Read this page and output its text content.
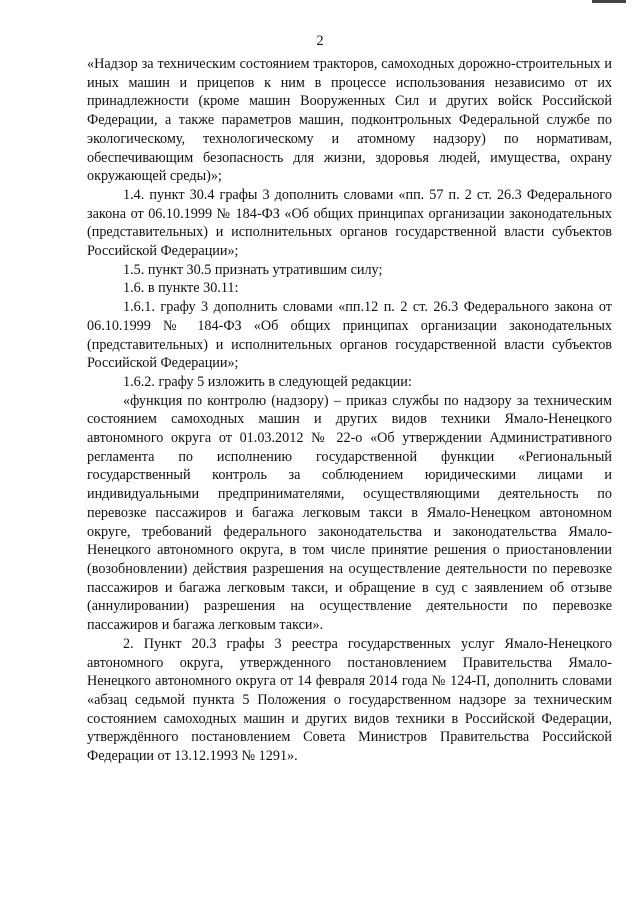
2

«Надзор за техническим состоянием тракторов, самоходных дорожно-строительных и иных машин и прицепов к ним в процессе использования независимо от их принадлежности (кроме машин Вооруженных Сил и других войск Российской Федерации, а также параметров машин, подконтрольных Федеральной службе по экологическому, технологическому и атомному надзору) по нормативам, обеспечивающим безопасность для жизни, здоровья людей, имущества, охрану окружающей среды)»;

1.4. пункт 30.4 графы 3 дополнить словами «пп. 57 п. 2 ст. 26.3 Федерального закона от 06.10.1999 № 184-ФЗ «Об общих принципах организации законодательных (представительных) и исполнительных органов государственной власти субъектов Российской Федерации»;

1.5. пункт 30.5 признать утратившим силу;

1.6. в пункте 30.11:

1.6.1. графу 3 дополнить словами «пп.12 п. 2 ст. 26.3 Федерального закона от 06.10.1999 № 184-ФЗ «Об общих принципах организации законодательных (представительных) и исполнительных органов государственной власти субъектов Российской Федерации»;

1.6.2. графу 5 изложить в следующей редакции:

«функция по контролю (надзору) – приказ службы по надзору за техническим состоянием самоходных машин и других видов техники Ямало-Ненецкого автономного округа от 01.03.2012 № 22-о «Об утверждении Административного регламента по исполнению государственной функции «Региональный государственный контроль за соблюдением юридическими лицами и индивидуальными предпринимателями, осуществляющими деятельность по перевозке пассажиров и багажа легковым такси в Ямало-Ненецком автономном округе, требований федерального законодательства и законодательства Ямало-Ненецкого автономного округа, в том числе принятие решения о приостановлении (возобновлении) действия разрешения на осуществление деятельности по перевозке пассажиров и багажа легковым такси, и обращение в суд с заявлением об отзыве (аннулировании) разрешения на осуществление деятельности по перевозке пассажиров и багажа легковым такси».

2. Пункт 20.3 графы 3 реестра государственных услуг Ямало-Ненецкого автономного округа, утвержденного постановлением Правительства Ямало-Ненецкого автономного округа от 14 февраля 2014 года № 124-П, дополнить словами «абзац седьмой пункта 5 Положения о государственном надзоре за техническим состоянием самоходных машин и других видов техники в Российской Федерации, утверждённого постановлением Совета Министров Правительства Российской Федерации от 13.12.1993 № 1291».
